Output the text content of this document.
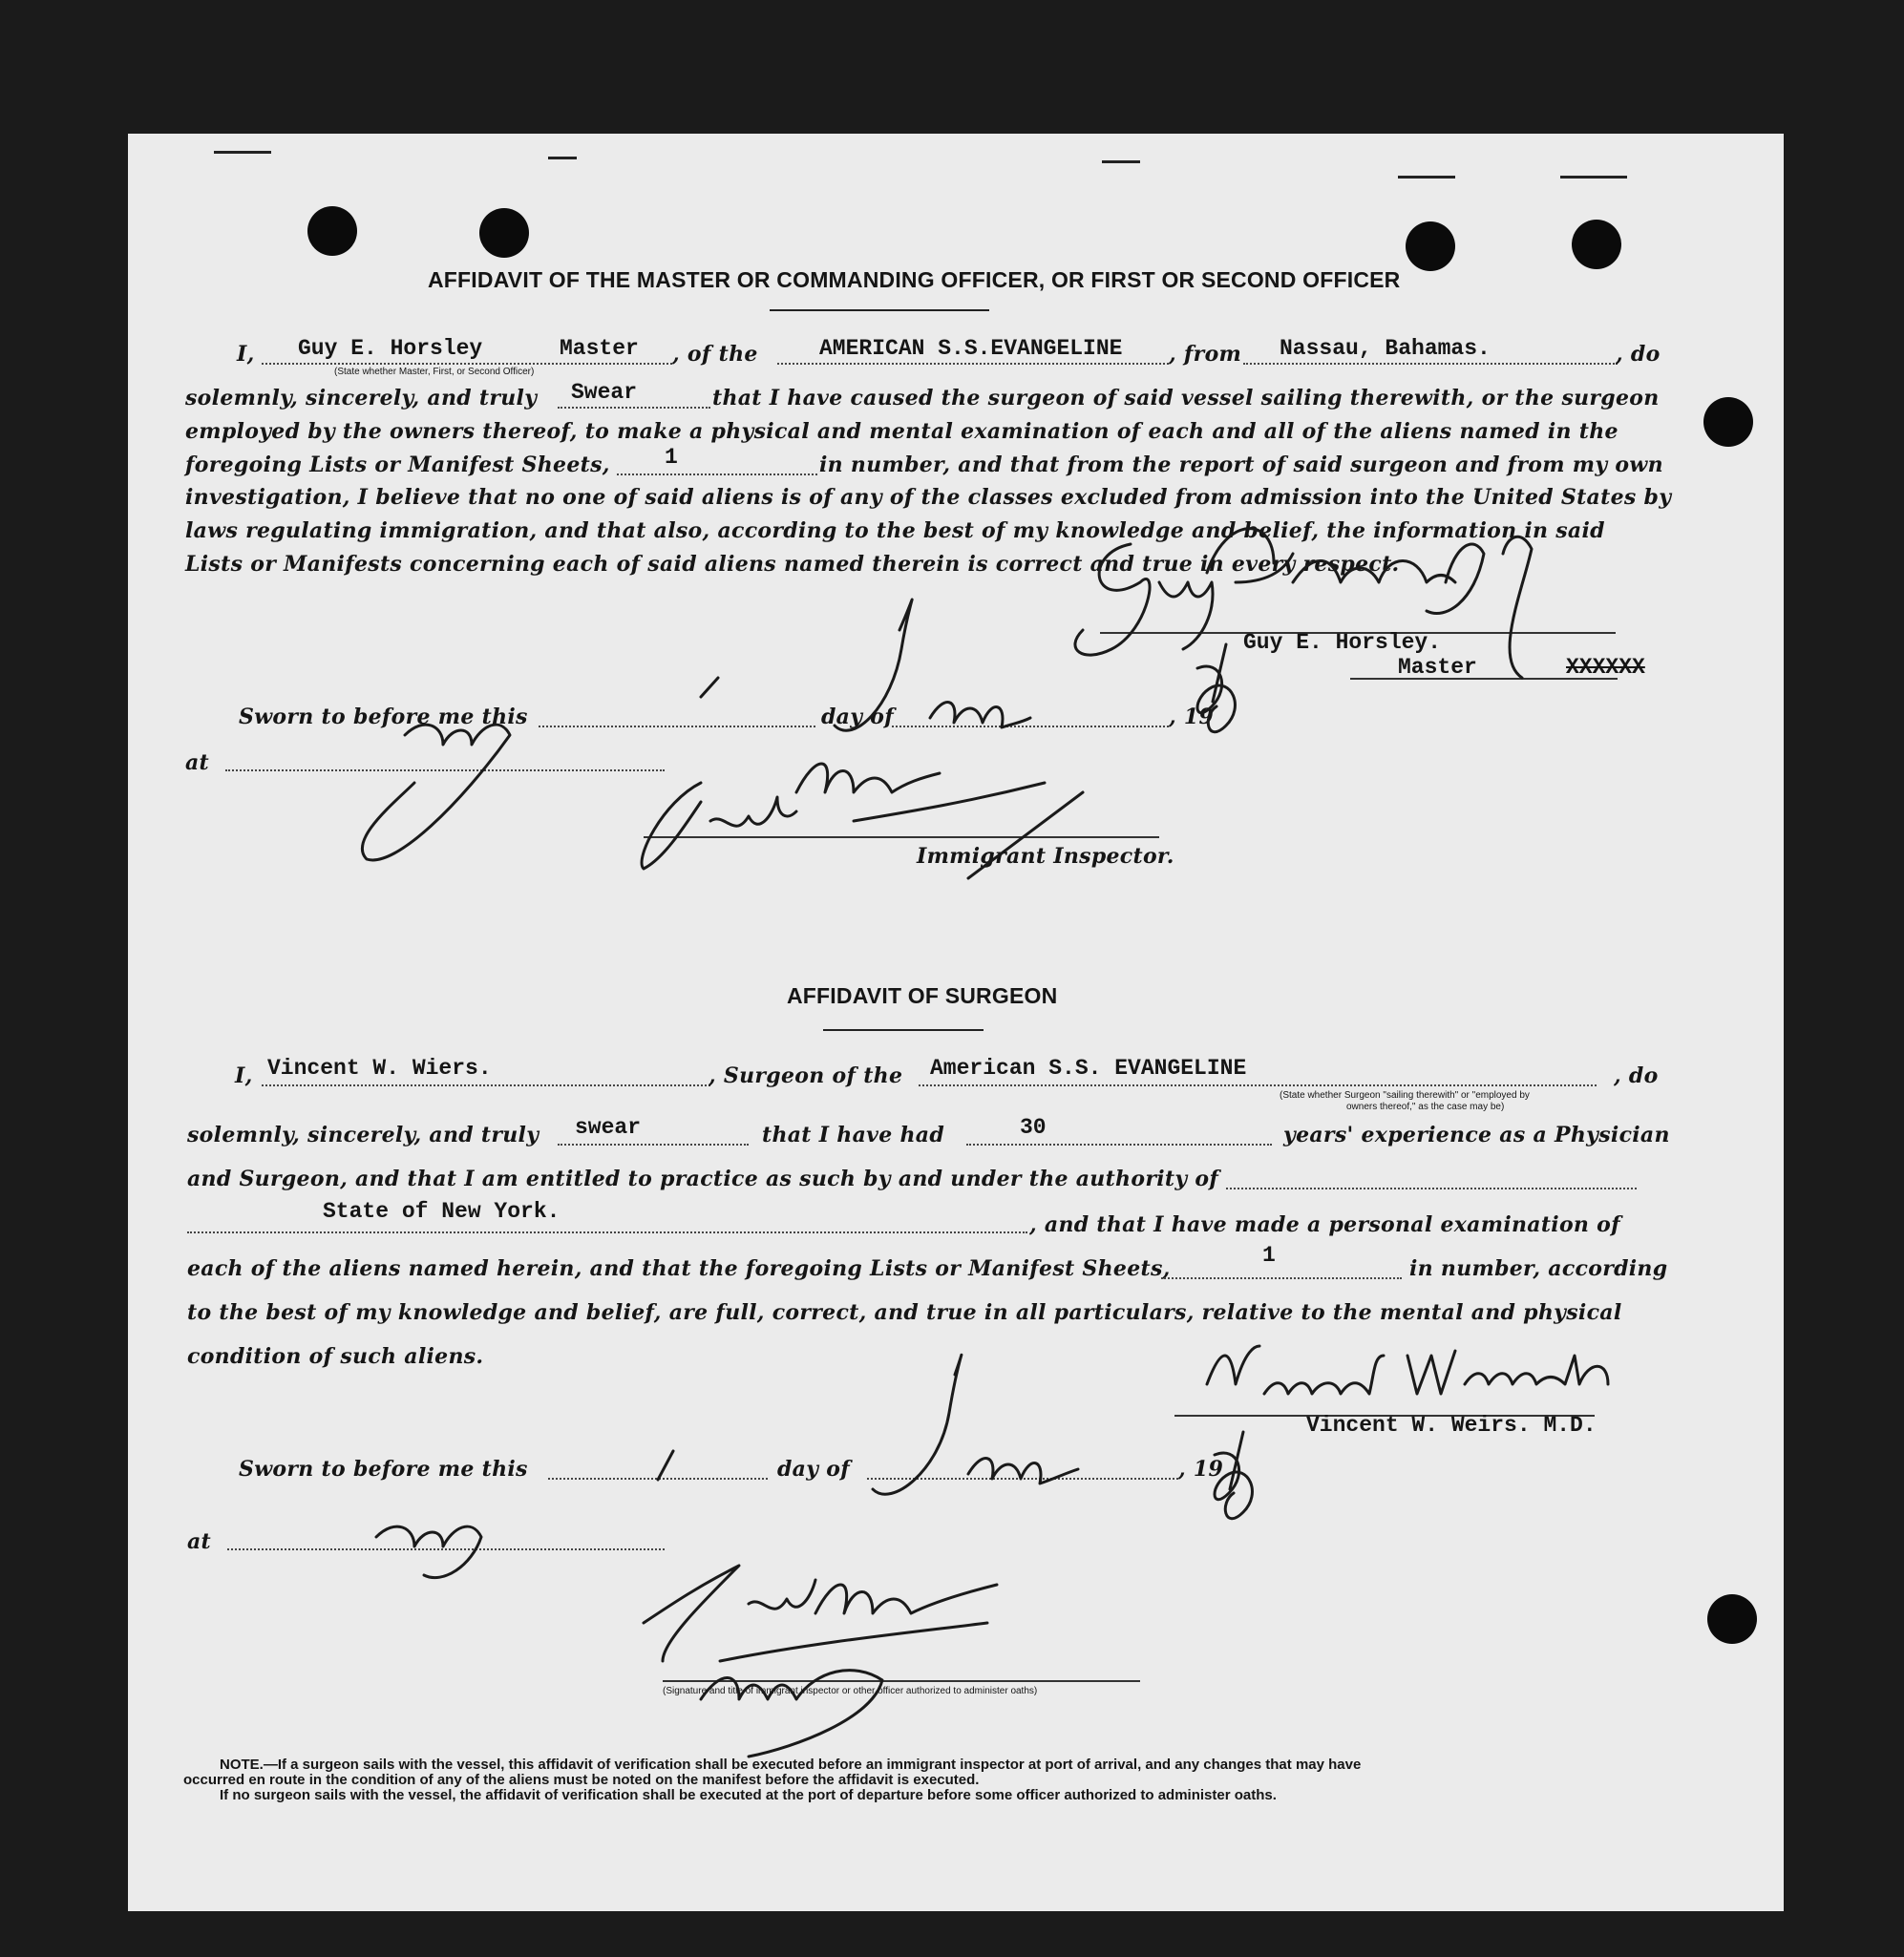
AFFIDAVIT OF THE MASTER OR COMMANDING OFFICER, OR FIRST OR SECOND OFFICER
I, Guy E. Horsley	Master
(State whether Master, First, or Second Officer)
, of the	AMERICAN S.S.EVANGELINE , from Nassau, Bahamas.	, do
solemnly, sincerely, and truly Swear	that I have caused the surgeon of said vessel sailing therewith, or the surgeon
employed by the owners thereof, to make a physical and mental examination of each and all of the aliens named in the
foregoing Lists or Manifest Sheets, 1	in number, and that from the report of said surgeon and from my own
investigation, I believe that no one of said aliens is of any of the classes excluded from admission into the United States by
laws regulating immigration, and that also, according to the best of my knowledge and belief, the information in said
Lists or Manifests concerning each of said aliens named therein is correct and true in every respect.
Guy E. Horsley.
Master	XXXXXX
Sworn to before me this	day of	, 19
at
Immigrant Inspector.
AFFIDAVIT OF SURGEON
I, Vincent W. Wiers.	, Surgeon of the American S.S. EVANGELINE	, do
(State whether Surgeon "sailing therewith" or "employed by
owners thereof," as the case may be)
solemnly, sincerely, and truly swear	that I have had	30	years' experience as a Physician
and Surgeon, and that I am entitled to practice as such by and under the authority of
State of New York.
, and that I have made a personal examination of
each of the aliens named herein, and that the foregoing Lists or Manifest Sheets,
1
in number, according
to the best of my knowledge and belief, are full, correct, and true in all particulars, relative to the mental and physical
condition of such aliens.
Vincent W. Weirs. M.D.
Sworn to before me this	day of	, 19
at
(Signature and title of immigrant inspector or other officer authorized to administer oaths)
NOTE.—If a surgeon sails with the vessel, this affidavit of verification shall be executed before an immigrant inspector at port of arrival, and any changes that may have
occurred en route in the condition of any of the aliens must be noted on the manifest before the affidavit is executed.
If no surgeon sails with the vessel, the affidavit of verification shall be executed at the port of departure before some officer authorized to administer oaths.
